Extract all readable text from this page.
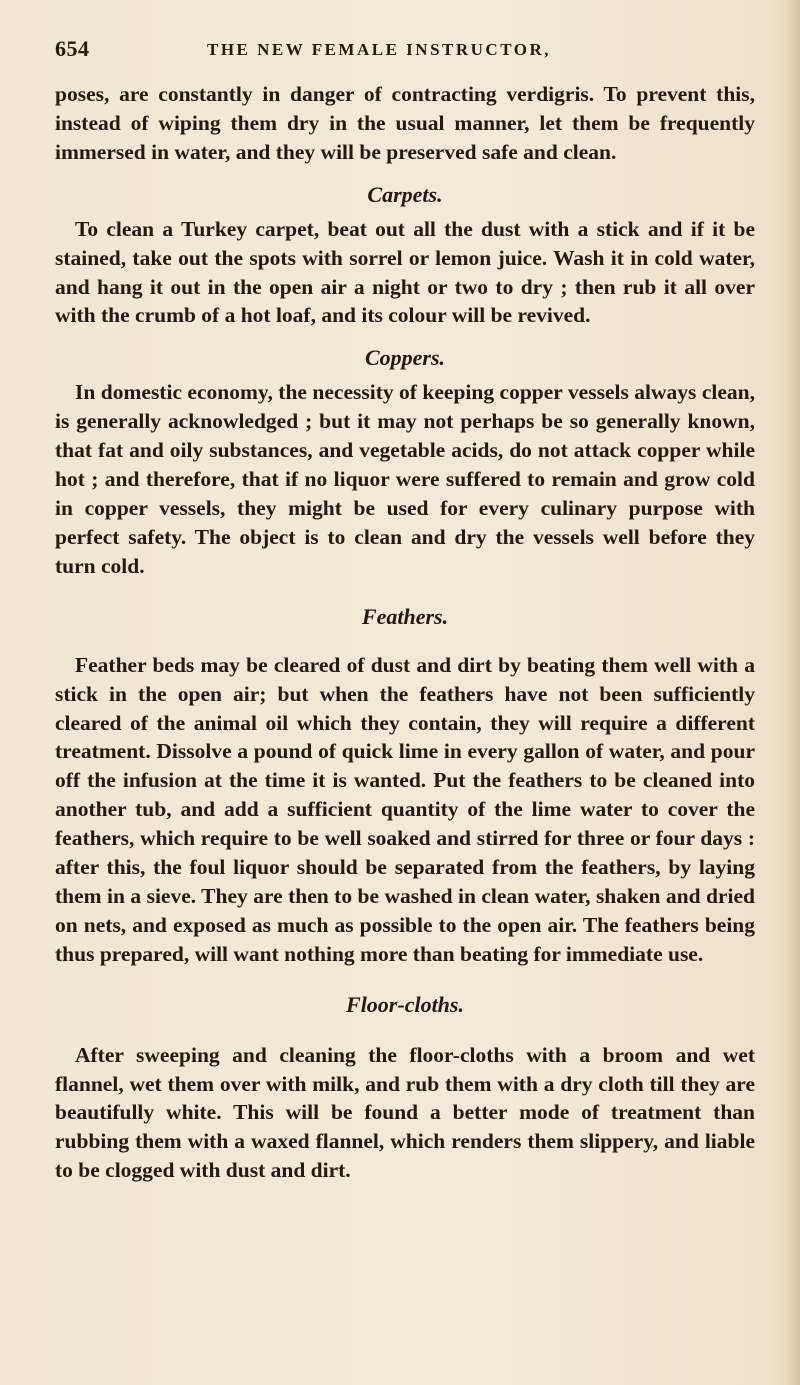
654	THE NEW FEMALE INSTRUCTOR,

poses, are constantly in danger of contracting verdigris. To prevent this, instead of wiping them dry in the usual manner, let them be frequently immersed in water, and they will be preserved safe and clean.

Carpets.

To clean a Turkey carpet, beat out all the dust with a stick and if it be stained, take out the spots with sorrel or lemon juice. Wash it in cold water, and hang it out in the open air a night or two to dry ; then rub it all over with the crumb of a hot loaf, and its colour will be revived.

Coppers.

In domestic economy, the necessity of keeping copper vessels always clean, is generally acknowledged ; but it may not perhaps be so generally known, that fat and oily substances, and vegetable acids, do not attack copper while hot ; and therefore, that if no liquor were suffered to remain and grow cold in copper vessels, they might be used for every culinary purpose with perfect safety. The object is to clean and dry the vessels well before they turn cold.

Feathers.

Feather beds may be cleared of dust and dirt by beating them well with a stick in the open air; but when the feathers have not been sufficiently cleared of the animal oil which they contain, they will require a different treatment. Dissolve a pound of quick lime in every gallon of water, and pour off the infusion at the time it is wanted. Put the feathers to be cleaned into another tub, and add a sufficient quantity of the lime water to cover the feathers, which require to be well soaked and stirred for three or four days : after this, the foul liquor should be separated from the feathers, by laying them in a sieve. They are then to be washed in clean water, shaken and dried on nets, and exposed as much as possible to the open air. The feathers being thus prepared, will want nothing more than beating for immediate use.

Floor-cloths.

After sweeping and cleaning the floor-cloths with a broom and wet flannel, wet them over with milk, and rub them with a dry cloth till they are beautifully white. This will be found a better mode of treatment than rubbing them with a waxed flannel, which renders them slippery, and liable to be clogged with dust and dirt.
